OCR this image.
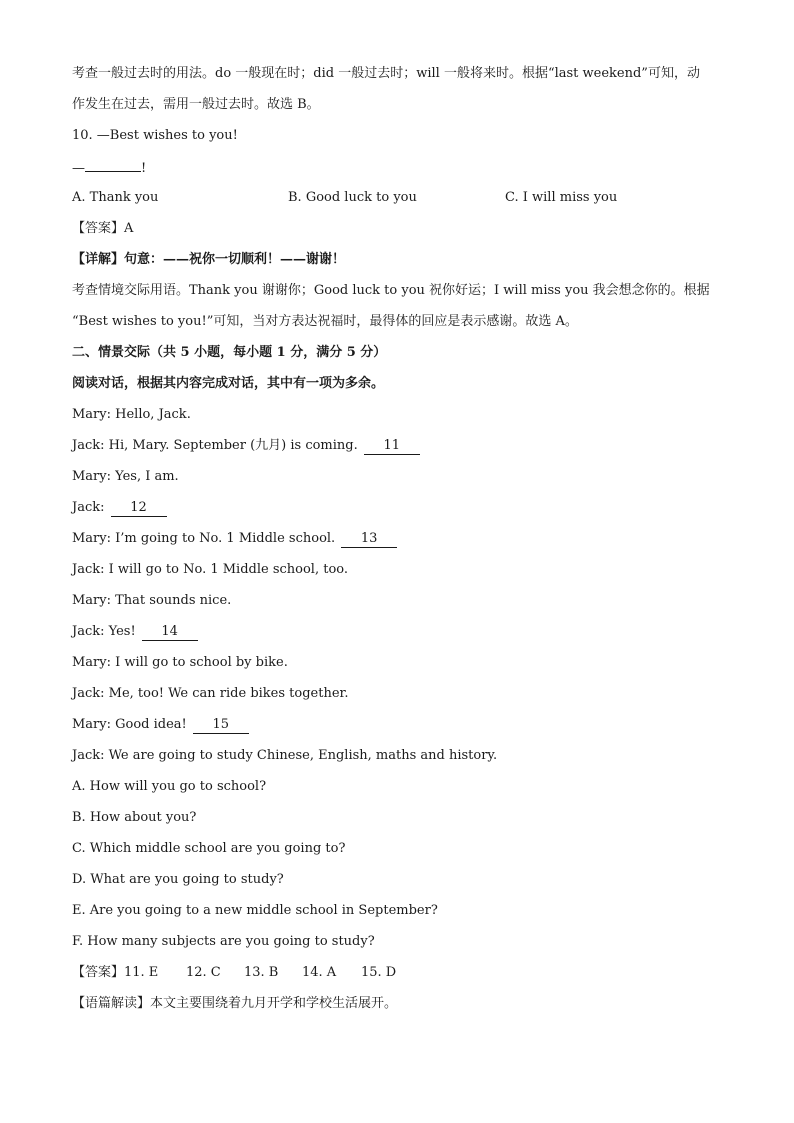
考查一般过去时的用法。do 一般现在时；did 一般过去时；will 一般将来时。根据“last weekend”可知，动
作发生在过去，需用一般过去时。故选 B。
10. —Best wishes to you!
—	!
A. Thank you	B. Good luck to you	C. I will miss you
【答案】A
【详解】句意：——祝你一切顺利！——谢谢！
考查情境交际用语。Thank you 谢谢你；Good luck to you 祝你好运；I will miss you 我会想念你的。根据
“Best wishes to you!”可知，当对方表达祝福时，最得体的回应是表示感谢。故选 A。
二、情景交际（共 5 小题，每小题 1 分，满分 5 分）
阅读对话，根据其内容完成对话，其中有一项为多余。
Mary: Hello, Jack.
Jack: Hi, Mary. September (九月) is coming. 11
Mary: Yes, I am.
Jack: 12
Mary: I’m going to No. 1 Middle school. 13
Jack: I will go to No. 1 Middle school, too.
Mary: That sounds nice.
Jack: Yes! 14
Mary: I will go to school by bike.
Jack: Me, too! We can ride bikes together.
Mary: Good idea! 15
Jack: We are going to study Chinese, English, maths and history.
A. How will you go to school?
B. How about you?
C. Which middle school are you going to?
D. What are you going to study?
E. Are you going to a new middle school in September?
F. How many subjects are you going to study?
【答案】11. E 12. C 13. B 14. A 15. D
【语篇解读】本文主要围绕着九月开学和学校生活展开。
